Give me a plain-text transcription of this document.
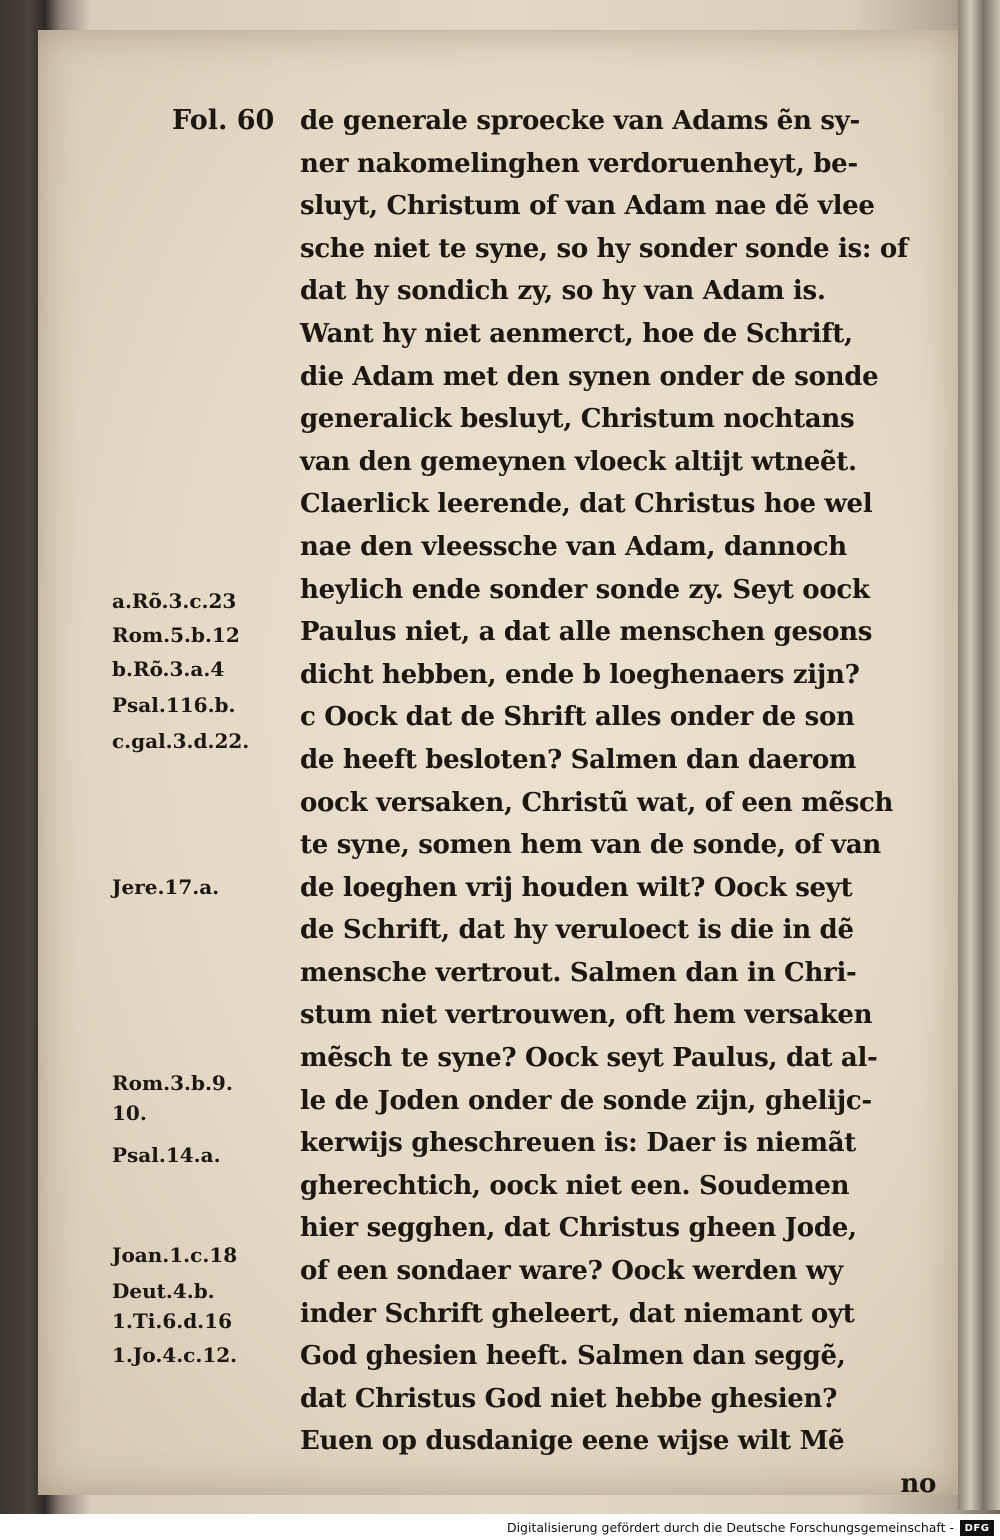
Fol. 60 de generale sproecke van Adams ẽn sy-
ner nakomelinghen verdoruenheyt, be-
sluyt, Christum of van Adam nae dẽ vlee
sche niet te syne, so hy sonder sonde is: of
dat hy sondich zy, so hy van Adam is.
Want hy niet aenmerct, hoe de Schrift,
die Adam met den synen onder de sonde
generalick besluyt, Christum nochtans
van den gemeynen vloeck altijt wtneẽt.
Claerlick leerende, dat Christus hoe wel
nae den vleessche van Adam, dannoch
heylich ende sonder sonde zy. Seyt oock
Paulus niet, a dat alle menschen gesons
dicht hebben, ende b loeghenaers zijn?
c Oock dat de Shrift alles onder de son
de heeft besloten? Salmen dan daerom
oock versaken, Christũ wat, of een mẽsch
te syne, somen hem van de sonde, of van
de loeghen vrij houden wilt? Oock seyt
de Schrift, dat hy veruloect is die in dẽ
mensche vertrout. Salmen dan in Chri-
stum niet vertrouwen, oft hem versaken
mẽsch te syne? Oock seyt Paulus, dat al-
le de Joden onder de sonde zijn, ghelijc-
kerwijs gheschreuen is: Daer is niemãt
gherechtich, oock niet een. Soudemen
hier segghen, dat Christus gheen Jode,
of een sondaer ware? Oock werden wy
inder Schrift gheleert, dat niemant oyt
God ghesien heeft. Salmen dan seggẽ,
dat Christus God niet hebbe ghesien?
Euen op dusdanige eene wijse wilt Mẽ
no
a.Rõ.3.c.23
Rom.5.b.12
b.Rõ.3.a.4
Psal.116.b.
c.gal.3.d.22.
Jere.17.a.
Rom.3.b.9.
10.
Psal.14.a.
Joan.1.c.18
Deut.4.b.
1.Ti.6.d.16
1.Jo.4.c.12.
Digitalisierung gefördert durch die Deutsche Forschungsgemeinschaft -	DFG
